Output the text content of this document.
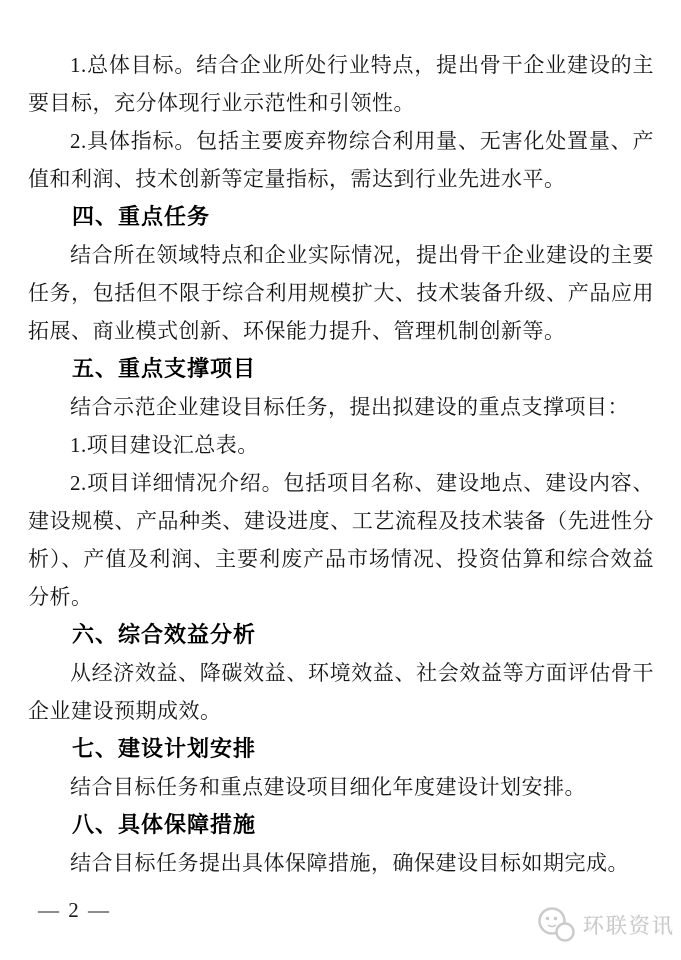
1.总体目标。结合企业所处行业特点，提出骨干企业建设的主要目标，充分体现行业示范性和引领性。

2.具体指标。包括主要废弃物综合利用量、无害化处置量、产值和利润、技术创新等定量指标，需达到行业先进水平。

四、重点任务

结合所在领域特点和企业实际情况，提出骨干企业建设的主要任务，包括但不限于综合利用规模扩大、技术装备升级、产品应用拓展、商业模式创新、环保能力提升、管理机制创新等。

五、重点支撑项目

结合示范企业建设目标任务，提出拟建设的重点支撑项目：

1.项目建设汇总表。

2.项目详细情况介绍。包括项目名称、建设地点、建设内容、建设规模、产品种类、建设进度、工艺流程及技术装备（先进性分析）、产值及利润、主要利废产品市场情况、投资估算和综合效益分析。

六、综合效益分析

从经济效益、降碳效益、环境效益、社会效益等方面评估骨干企业建设预期成效。

七、建设计划安排

结合目标任务和重点建设项目细化年度建设计划安排。

八、具体保障措施

结合目标任务提出具体保障措施，确保建设目标如期完成。

— 2 —
环联资讯
